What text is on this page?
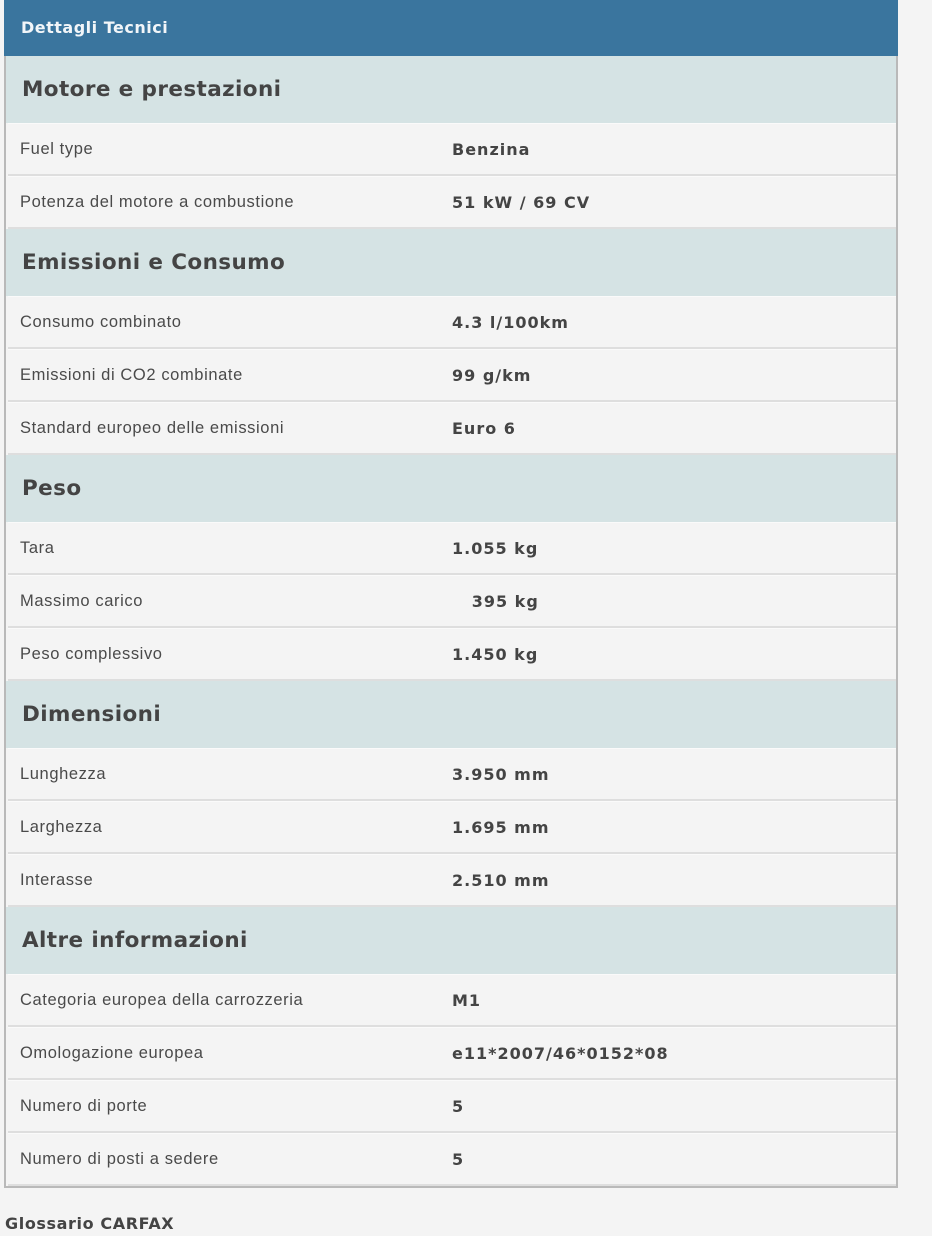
Dettagli Tecnici
Motore e prestazioni
Fuel type	Benzina
Potenza del motore a combustione	51 kW / 69 CV
Emissioni e Consumo
Consumo combinato	4.3 l/100km
Emissioni di CO2 combinate	99 g/km
Standard europeo delle emissioni	Euro 6
Peso
Tara	1.055 kg
Massimo carico	395 kg
Peso complessivo	1.450 kg
Dimensioni
Lunghezza	3.950 mm
Larghezza	1.695 mm
Interasse	2.510 mm
Altre informazioni
Categoria europea della carrozzeria	M1
Omologazione europea	e11*2007/46*0152*08
Numero di porte	5
Numero di posti a sedere	5
Glossario CARFAX
